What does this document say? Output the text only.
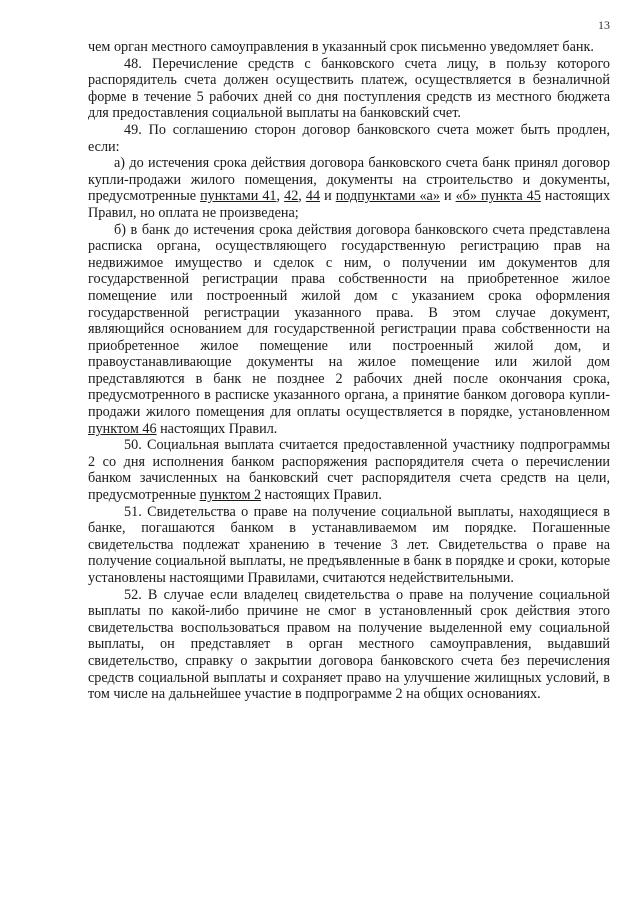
13

чем орган местного самоуправления в указанный срок письменно уведомляет банк.

48. Перечисление средств с банковского счета лицу, в пользу которого распорядитель счета должен осуществить платеж, осуществляется в безналичной форме в течение 5 рабочих дней со дня поступления средств из местного бюджета для предоставления социальной выплаты на банковский счет.

49. По соглашению сторон договор банковского счета может быть продлен, если:

а) до истечения срока действия договора банковского счета банк принял договор купли-продажи жилого помещения, документы на строительство и документы, предусмотренные пунктами 41, 42, 44 и подпунктами «а» и «б» пункта 45 настоящих Правил, но оплата не произведена;

б) в банк до истечения срока действия договора банковского счета представлена расписка органа, осуществляющего государственную регистрацию прав на недвижимое имущество и сделок с ним, о получении им документов для государственной регистрации права собственности на приобретенное жилое помещение или построенный жилой дом с указанием срока оформления государственной регистрации указанного права. В этом случае документ, являющийся основанием для государственной регистрации права собственности на приобретенное жилое помещение или построенный жилой дом, и правоустанавливающие документы на жилое помещение или жилой дом представляются в банк не позднее 2 рабочих дней после окончания срока, предусмотренного в расписке указанного органа, а принятие банком договора купли-продажи жилого помещения для оплаты осуществляется в порядке, установленном пунктом 46 настоящих Правил.

50. Социальная выплата считается предоставленной участнику подпрограммы 2 со дня исполнения банком распоряжения распорядителя счета о перечислении банком зачисленных на банковский счет распорядителя счета средств на цели, предусмотренные пунктом 2 настоящих Правил.

51. Свидетельства о праве на получение социальной выплаты, находящиеся в банке, погашаются банком в устанавливаемом им порядке. Погашенные свидетельства подлежат хранению в течение 3 лет. Свидетельства о праве на получение социальной выплаты, не предъявленные в банк в порядке и сроки, которые установлены настоящими Правилами, считаются недействительными.

52. В случае если владелец свидетельства о праве на получение социальной выплаты по какой-либо причине не смог в установленный срок действия этого свидетельства воспользоваться правом на получение выделенной ему социальной выплаты, он представляет в орган местного самоуправления, выдавший свидетельство, справку о закрытии договора банковского счета без перечисления средств социальной выплаты и сохраняет право на улучшение жилищных условий, в том числе на дальнейшее участие в подпрограмме 2 на общих основаниях.
